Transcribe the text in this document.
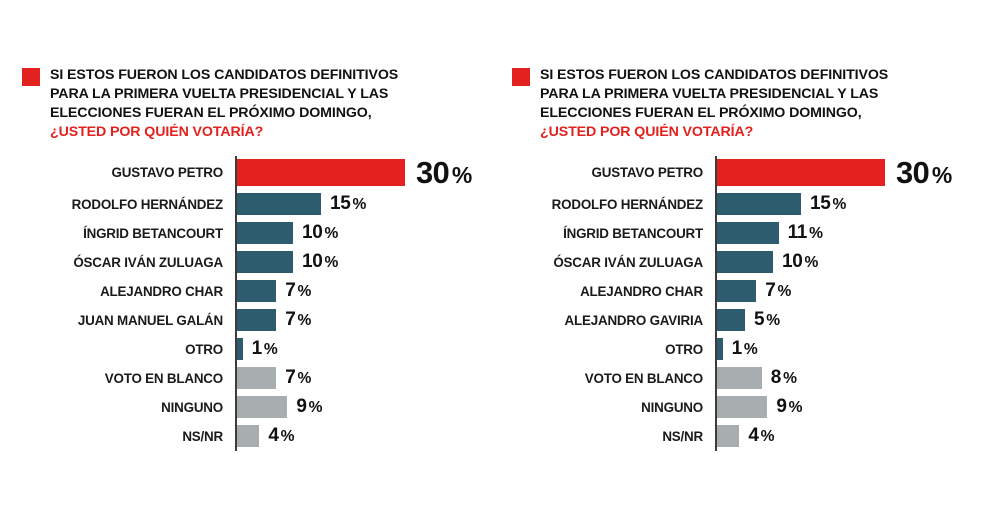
SI ESTOS FUERON LOS CANDIDATOS DEFINITIVOS
PARA LA PRIMERA VUELTA PRESIDENCIAL Y LAS
ELECCIONES FUERAN EL PRÓXIMO DOMINGO,
¿USTED POR QUIÉN VOTARÍA?
GUSTAVO PETRO	30 %
RODOLFO HERNÁNDEZ	15 %
ÍNGRID BETANCOURT	10 %
ÓSCAR IVÁN ZULUAGA	10 %
ALEJANDRO CHAR	7 %
JUAN MANUEL GALÁN	7 %
OTRO	1 %
VOTO EN BLANCO	7 %
NINGUNO	9 %
NS/NR	4 %
SI ESTOS FUERON LOS CANDIDATOS DEFINITIVOS
PARA LA PRIMERA VUELTA PRESIDENCIAL Y LAS
ELECCIONES FUERAN EL PRÓXIMO DOMINGO,
¿USTED POR QUIÉN VOTARÍA?
GUSTAVO PETRO	30 %
RODOLFO HERNÁNDEZ	15 %
ÍNGRID BETANCOURT	11 %
ÓSCAR IVÁN ZULUAGA	10 %
ALEJANDRO CHAR	7 %
ALEJANDRO GAVIRIA	5 %
OTRO	1 %
VOTO EN BLANCO	8 %
NINGUNO	9 %
NS/NR	4 %
